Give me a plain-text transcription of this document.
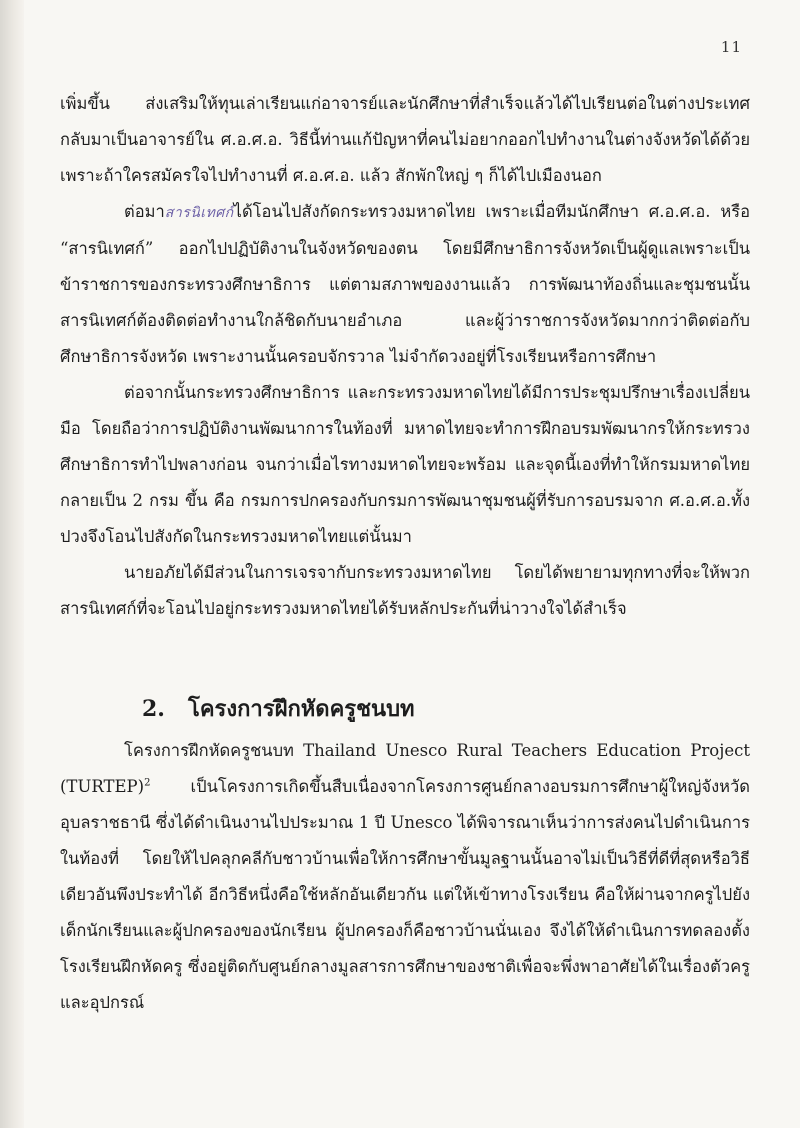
11

เพิ่มขึ้น ส่งเสริมให้ทุนเล่าเรียนแก่อาจารย์และนักศึกษาที่สำเร็จแล้วได้ไปเรียนต่อในต่างประเทศกลับมาเป็นอาจารย์ใน ศ.อ.ศ.อ. วิธีนี้ท่านแก้ปัญหาที่คนไม่อยากออกไปทำงานในต่างจังหวัดได้ด้วย เพราะถ้าใครสมัครใจไปทำงานที่ ศ.อ.ศ.อ. แล้ว สักพักใหญ่ ๆ ก็ได้ไปเมืองนอก

ต่อมาสารนิเทศก์ได้โอนไปสังกัดกระทรวงมหาดไทย เพราะเมื่อทีมนักศึกษา ศ.อ.ศ.อ. หรือ “สารนิเทศก์” ออกไปปฏิบัติงานในจังหวัดของตน โดยมีศึกษาธิการจังหวัดเป็นผู้ดูแลเพราะเป็นข้าราชการของกระทรวงศึกษาธิการ แต่ตามสภาพของงานแล้ว การพัฒนาท้องถิ่นและชุมชนนั้นสารนิเทศก์ต้องติดต่อทำงานใกล้ชิดกับนายอำเภอ และผู้ว่าราชการจังหวัดมากกว่าติดต่อกับศึกษาธิการจังหวัด เพราะงานนั้นครอบจักรวาล ไม่จำกัดวงอยู่ที่โรงเรียนหรือการศึกษา

ต่อจากนั้นกระทรวงศึกษาธิการ และกระทรวงมหาดไทยได้มีการประชุมปรึกษาเรื่องเปลี่ยนมือ โดยถือว่าการปฏิบัติงานพัฒนาการในท้องที่ มหาดไทยจะทำการฝึกอบรมพัฒนากรให้กระทรวงศึกษาธิการทำไปพลางก่อน จนกว่าเมื่อไรทางมหาดไทยจะพร้อม และจุดนี้เองที่ทำให้กรมมหาดไทยกลายเป็น 2 กรม ขึ้น คือ กรมการปกครองกับกรมการพัฒนาชุมชนผู้ที่รับการอบรมจาก ศ.อ.ศ.อ.ทั้งปวงจึงโอนไปสังกัดในกระทรวงมหาดไทยแต่นั้นมา

นายอภัยได้มีส่วนในการเจรจากับกระทรวงมหาดไทย โดยได้พยายามทุกทางที่จะให้พวกสารนิเทศก์ที่จะโอนไปอยู่กระทรวงมหาดไทยได้รับหลักประกันที่น่าวางใจได้สำเร็จ

2. โครงการฝึกหัดครูชนบท

โครงการฝึกหัดครูชนบท Thailand Unesco Rural Teachers Education Project (TURTEP)$^2$ เป็นโครงการเกิดขึ้นสืบเนื่องจากโครงการศูนย์กลางอบรมการศึกษาผู้ใหญ่จังหวัดอุบลราชธานี ซึ่งได้ดำเนินงานไปประมาณ 1 ปี Unesco ได้พิจารณาเห็นว่าการส่งคนไปดำเนินการในท้องที่ โดยให้ไปคลุกคลีกับชาวบ้านเพื่อให้การศึกษาขั้นมูลฐานนั้นอาจไม่เป็นวิธีที่ดีที่สุดหรือวิธีเดียวอันพึงประทำได้ อีกวิธีหนึ่งคือใช้หลักอันเดียวกัน แต่ให้เข้าทางโรงเรียน คือให้ผ่านจากครูไปยังเด็กนักเรียนและผู้ปกครองของนักเรียน ผู้ปกครองก็คือชาวบ้านนั่นเอง จึงได้ให้ดำเนินการทดลองตั้งโรงเรียนฝึกหัดครู ซึ่งอยู่ติดกับศูนย์กลางมูลสารการศึกษาของชาติเพื่อจะพึ่งพาอาศัยได้ในเรื่องตัวครูและอุปกรณ์
